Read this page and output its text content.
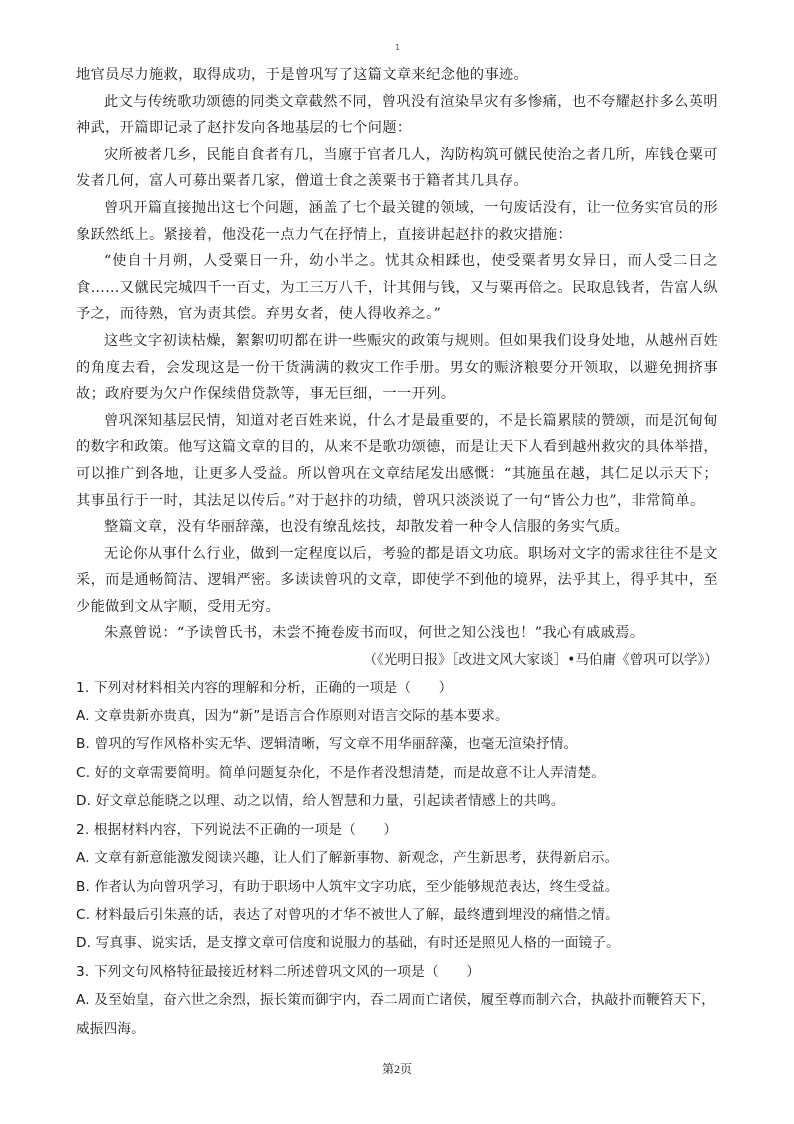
1

地官员尽力施救，取得成功，于是曾巩写了这篇文章来纪念他的事迹。

此文与传统歌功颂德的同类文章截然不同，曾巩没有渲染旱灾有多惨痛，也不夸耀赵抃多么英明神武，开篇即记录了赵抃发向各地基层的七个问题：

灾所被者几乡，民能自食者有几，当廪于官者几人，沟防构筑可僦民使治之者几所，库钱仓粟可发者几何，富人可募出粟者几家，僧道士食之羡粟书于籍者其几具存。

曾巩开篇直接抛出这七个问题，涵盖了七个最关键的领域，一句废话没有，让一位务实官员的形象跃然纸上。紧接着，他没花一点力气在抒情上，直接讲起赵抃的救灾措施：

“使自十月朔，人受粟日一升，幼小半之。忧其众相蹂也，使受粟者男女异日，而人受二日之食……又僦民完城四千一百丈，为工三万八千，计其佣与钱，又与粟再倍之。民取息钱者，告富人纵予之，而待熟，官为责其偿。弃男女者，使人得收养之。”

这些文字初读枯燥，絮絮叨叨都在讲一些赈灾的政策与规则。但如果我们设身处地，从越州百姓的角度去看，会发现这是一份干货满满的救灾工作手册。男女的赈济粮要分开领取，以避免拥挤事故；政府要为欠户作保续借贷款等，事无巨细，一一开列。

曾巩深知基层民情，知道对老百姓来说，什么才是最重要的，不是长篇累牍的赞颂，而是沉甸甸的数字和政策。他写这篇文章的目的，从来不是歌功颂德，而是让天下人看到越州救灾的具体举措，可以推广到各地，让更多人受益。所以曾巩在文章结尾发出感慨：“其施虽在越，其仁足以示天下；其事虽行于一时，其法足以传后。”对于赵抃的功绩，曾巩只淡淡说了一句“皆公力也”，非常简单。

整篇文章，没有华丽辞藻，也没有缭乱炫技，却散发着一种令人信服的务实气质。

无论你从事什么行业，做到一定程度以后，考验的都是语文功底。职场对文字的需求往往不是文采，而是通畅简洁、逻辑严密。多读读曾巩的文章，即使学不到他的境界，法乎其上，得乎其中，至少能做到文从字顺，受用无穷。

朱熹曾说：“予读曾氏书，未尝不掩卷废书而叹，何世之知公浅也！”我心有戚戚焉。

（《光明日报》［改进文风大家谈］•马伯庸《曾巩可以学》）

1. 下列对材料相关内容的理解和分析，正确的一项是（　　）

A. 文章贵新亦贵真，因为“新”是语言合作原则对语言交际的基本要求。

B. 曾巩的写作风格朴实无华、逻辑清晰，写文章不用华丽辞藻，也毫无渲染抒情。

C. 好的文章需要简明。简单问题复杂化，不是作者没想清楚，而是故意不让人弄清楚。

D. 好文章总能晓之以理、动之以情，给人智慧和力量，引起读者情感上的共鸣。

2. 根据材料内容，下列说法不正确的一项是（　　）

A. 文章有新意能激发阅读兴趣，让人们了解新事物、新观念，产生新思考，获得新启示。

B. 作者认为向曾巩学习，有助于职场中人筑牢文字功底，至少能够规范表达，终生受益。

C. 材料最后引朱熹的话，表达了对曾巩的才华不被世人了解，最终遭到埋没的痛惜之情。

D. 写真事、说实话，是支撑文章可信度和说服力的基础，有时还是照见人格的一面镜子。

3. 下列文句风格特征最接近材料二所述曾巩文风的一项是（　　）

A. 及至始皇，奋六世之余烈，振长策而御宇内，吞二周而亡诸侯，履至尊而制六合，执敲扑而鞭笞天下，威振四海。

第2页
